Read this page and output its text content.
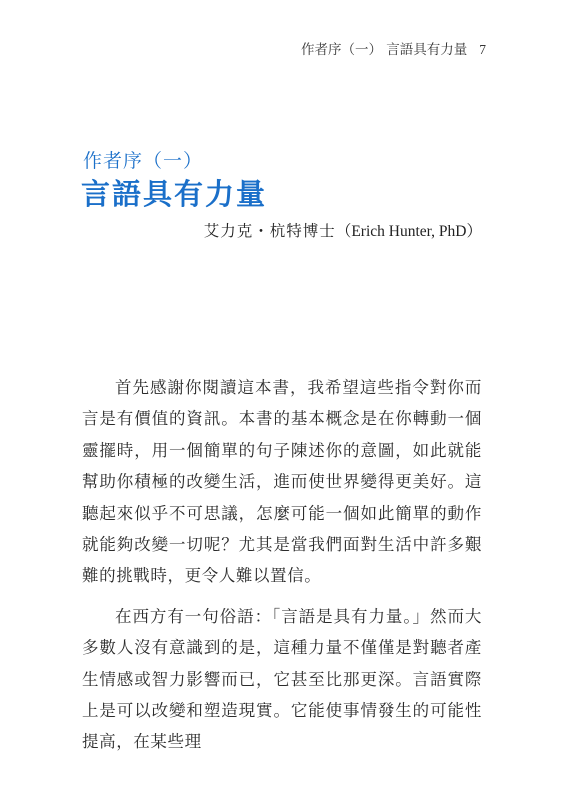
作者序（一） 言語具有力量 7
作者序（一）
言語具有力量
艾力克・杭特博士（Erich Hunter, PhD）

首先感謝你閱讀這本書，我希望這些指令對你而言是有價值的資訊。本書的基本概念是在你轉動一個靈擺時，用一個簡單的句子陳述你的意圖，如此就能幫助你積極的改變生活，進而使世界變得更美好。這聽起來似乎不可思議，怎麼可能一個如此簡單的動作就能夠改變一切呢？尤其是當我們面對生活中許多艱難的挑戰時，更令人難以置信。

在西方有一句俗語：「言語是具有力量。」然而大多數人沒有意識到的是，這種力量不僅僅是對聽者產生情感或智力影響而已，它甚至比那更深。言語實際上是可以改變和塑造現實。它能使事情發生的可能性提高，在某些理
